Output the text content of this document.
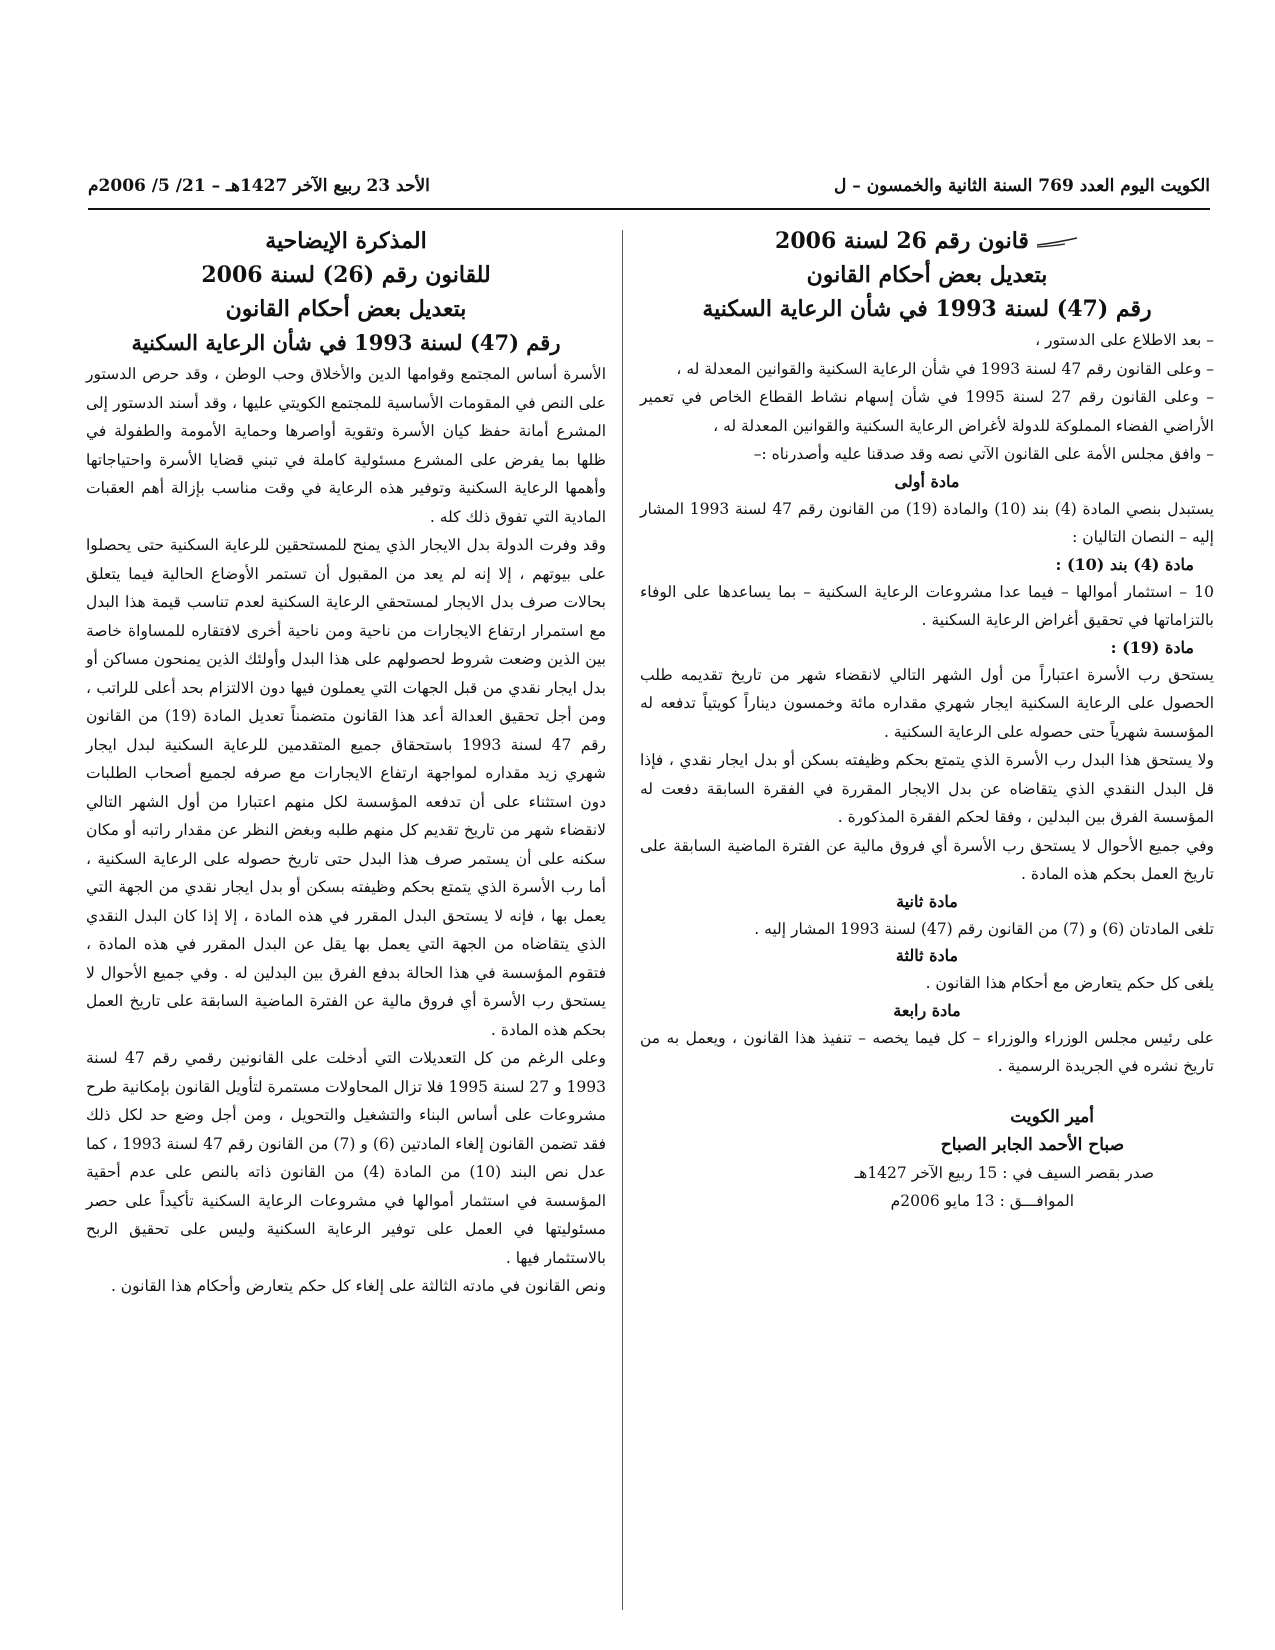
الكويت اليوم العدد 769 السنة الثانية والخمسون – ل
الأحد 23 ربيع الآخر 1427هـ – 21/ 5/ 2006م

قانون رقم 26 لسنة 2006

بتعديل بعض أحكام القانون

رقم (47) لسنة 1993 في شأن الرعاية السكنية

– بعد الاطلاع على الدستور ،

– وعلى القانون رقم 47 لسنة 1993 في شأن الرعاية السكنية والقوانين المعدلة له ،

– وعلى القانون رقم 27 لسنة 1995 في شأن إسهام نشاط القطاع الخاص في تعمير الأراضي الفضاء المملوكة للدولة لأغراض الرعاية السكنية والقوانين المعدلة له ،

– وافق مجلس الأمة على القانون الآتي نصه وقد صدقنا عليه وأصدرناه :–

مادة أولى

يستبدل بنصي المادة (4) بند (10) والمادة (19) من القانون رقم 47 لسنة 1993 المشار إليه – النصان التاليان :

مادة (4) بند (10) :

10 – استثمار أموالها – فيما عدا مشروعات الرعاية السكنية – بما يساعدها على الوفاء بالتزاماتها في تحقيق أغراض الرعاية السكنية .

مادة (19) :

يستحق رب الأسرة اعتباراً من أول الشهر التالي لانقضاء شهر من تاريخ تقديمه طلب الحصول على الرعاية السكنية ايجار شهري مقداره مائة وخمسون ديناراً كويتياً تدفعه له المؤسسة شهرياً حتى حصوله على الرعاية السكنية .

ولا يستحق هذا البدل رب الأسرة الذي يتمتع بحكم وظيفته بسكن أو بدل ايجار نقدي ، فإذا قل البدل النقدي الذي يتقاضاه عن بدل الايجار المقررة في الفقرة السابقة دفعت له المؤسسة الفرق بين البدلين ، وفقا لحكم الفقرة المذكورة .

وفي جميع الأحوال لا يستحق رب الأسرة أي فروق مالية عن الفترة الماضية السابقة على تاريخ العمل بحكم هذه المادة .

مادة ثانية

تلغى المادتان (6) و (7) من القانون رقم (47) لسنة 1993 المشار إليه .

مادة ثالثة

يلغى كل حكم يتعارض مع أحكام هذا القانون .

مادة رابعة

على رئيس مجلس الوزراء والوزراء – كل فيما يخصه – تنفيذ هذا القانون ، ويعمل به من تاريخ نشره في الجريدة الرسمية .

أمير الكويت

صباح الأحمد الجابر الصباح

صدر بقصر السيف في : 15 ربيع الآخر 1427هـ

الموافـــق : 13 مايو 2006م

المذكرة الإيضاحية

للقانون رقم (26) لسنة 2006

بتعديل بعض أحكام القانون

رقم (47) لسنة 1993 في شأن الرعاية السكنية

الأسرة أساس المجتمع وقوامها الدين والأخلاق وحب الوطن ، وقد حرص الدستور على النص في المقومات الأساسية للمجتمع الكويتي عليها ، وقد أسند الدستور إلى المشرع أمانة حفظ كيان الأسرة وتقوية أواصرها وحماية الأمومة والطفولة في ظلها بما يفرض على المشرع مسئولية كاملة في تبني قضايا الأسرة واحتياجاتها وأهمها الرعاية السكنية وتوفير هذه الرعاية في وقت مناسب بإزالة أهم العقبات المادية التي تفوق ذلك كله .

وقد وفرت الدولة بدل الايجار الذي يمنح للمستحقين للرعاية السكنية حتى يحصلوا على بيوتهم ، إلا إنه لم يعد من المقبول أن تستمر الأوضاع الحالية فيما يتعلق بحالات صرف بدل الايجار لمستحقي الرعاية السكنية لعدم تناسب قيمة هذا البدل مع استمرار ارتفاع الايجارات من ناحية ومن ناحية أخرى لافتقاره للمساواة خاصة بين الذين وضعت شروط لحصولهم على هذا البدل وأولئك الذين يمنحون مساكن أو بدل ايجار نقدي من قبل الجهات التي يعملون فيها دون الالتزام بحد أعلى للراتب ، ومن أجل تحقيق العدالة أعد هذا القانون متضمناً تعديل المادة (19) من القانون رقم 47 لسنة 1993 باستحقاق جميع المتقدمين للرعاية السكنية لبدل ايجار شهري زيد مقداره لمواجهة ارتفاع الايجارات مع صرفه لجميع أصحاب الطلبات دون استثناء على أن تدفعه المؤسسة لكل منهم اعتبارا من أول الشهر التالي لانقضاء شهر من تاريخ تقديم كل منهم طلبه وبغض النظر عن مقدار راتبه أو مكان سكنه على أن يستمر صرف هذا البدل حتى تاريخ حصوله على الرعاية السكنية ، أما رب الأسرة الذي يتمتع بحكم وظيفته بسكن أو بدل ايجار نقدي من الجهة التي يعمل بها ، فإنه لا يستحق البدل المقرر في هذه المادة ، إلا إذا كان البدل النقدي الذي يتقاضاه من الجهة التي يعمل بها يقل عن البدل المقرر في هذه المادة ، فتقوم المؤسسة في هذا الحالة بدفع الفرق بين البدلين له . وفي جميع الأحوال لا يستحق رب الأسرة أي فروق مالية عن الفترة الماضية السابقة على تاريخ العمل بحكم هذه المادة .

وعلى الرغم من كل التعديلات التي أدخلت على القانونين رقمي رقم 47 لسنة 1993 و 27 لسنة 1995 فلا تزال المحاولات مستمرة لتأويل القانون بإمكانية طرح مشروعات على أساس البناء والتشغيل والتحويل ، ومن أجل وضع حد لكل ذلك فقد تضمن القانون إلغاء المادتين (6) و (7) من القانون رقم 47 لسنة 1993 ، كما عدل نص البند (10) من المادة (4) من القانون ذاته بالنص على عدم أحقية المؤسسة في استثمار أموالها في مشروعات الرعاية السكنية تأكيداً على حصر مسئوليتها في العمل على توفير الرعاية السكنية وليس على تحقيق الربح بالاستثمار فيها .

ونص القانون في مادته الثالثة على إلغاء كل حكم يتعارض وأحكام هذا القانون .
